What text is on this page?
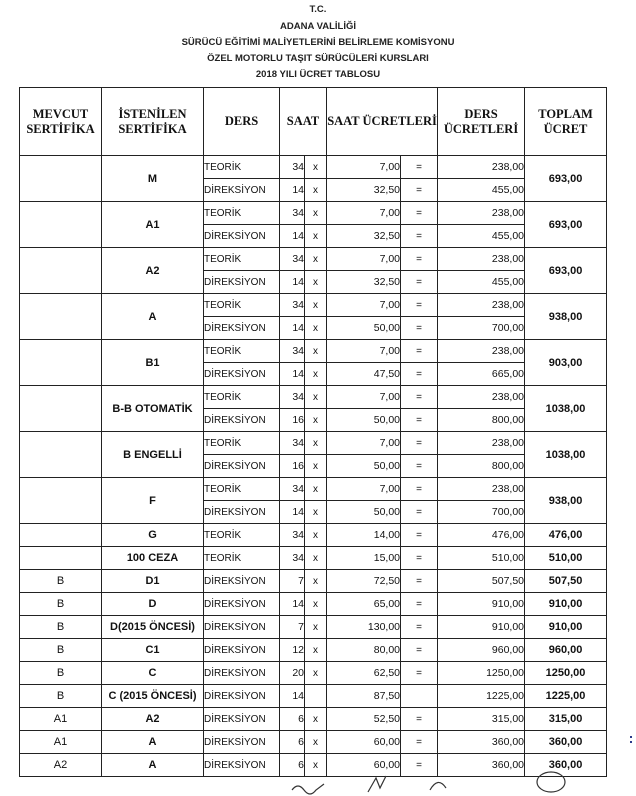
T.C.
ADANA VALİLİĞİ
SÜRÜCÜ EĞİTİMİ MALİYETLERİNİ BELİRLEME KOMİSYONU
ÖZEL MOTORLU TAŞIT SÜRÜCÜLERİ KURSLARI
2018 YILI ÜCRET TABLOSU
MEVCUT SERTİFİKA	İSTENİLEN SERTİFİKA	DERS	SAAT		SAAT ÜCRETLERİ		DERS ÜCRETLERİ	TOPLAM ÜCRET
	M	TEORİK	34	x	7,00	=	238,00	693,00
		DİREKSİYON	14	x	32,50	=	455,00	
	A1	TEORİK	34	x	7,00	=	238,00	693,00
		DİREKSİYON	14	x	32,50	=	455,00	
	A2	TEORİK	34	x	7,00	=	238,00	693,00
		DİREKSİYON	14	x	32,50	=	455,00	
	A	TEORİK	34	x	7,00	=	238,00	938,00
		DİREKSİYON	14	x	50,00	=	700,00	
	B1	TEORİK	34	x	7,00	=	238,00	903,00
		DİREKSİYON	14	x	47,50	=	665,00	
	B-B OTOMATİK	TEORİK	34	x	7,00	=	238,00	1038,00
		DİREKSİYON	16	x	50,00	=	800,00	
	B ENGELLİ	TEORİK	34	x	7,00	=	238,00	1038,00
		DİREKSİYON	16	x	50,00	=	800,00	
	F	TEORİK	34	x	7,00	=	238,00	938,00
		DİREKSİYON	14	x	50,00	=	700,00	
	G	TEORİK	34	x	14,00	=	476,00	476,00
	100 CEZA	TEORİK	34	x	15,00	=	510,00	510,00
B	D1	DİREKSİYON	7	x	72,50	=	507,50	507,50
B	D	DİREKSİYON	14	x	65,00	=	910,00	910,00
B	D(2015 ÖNCESİ)	DİREKSİYON	7	x	130,00	=	910,00	910,00
B	C1	DİREKSİYON	12	x	80,00	=	960,00	960,00
B	C	DİREKSİYON	20	x	62,50	=	1250,00	1250,00
B	C (2015 ÖNCESİ)	DİREKSİYON	14		87,50		1225,00	1225,00
A1	A2	DİREKSİYON	6	x	52,50	=	315,00	315,00
A1	A	DİREKSİYON	6	x	60,00	=	360,00	360,00
A2	A	DİREKSİYON	6	x	60,00	=	360,00	360,00
